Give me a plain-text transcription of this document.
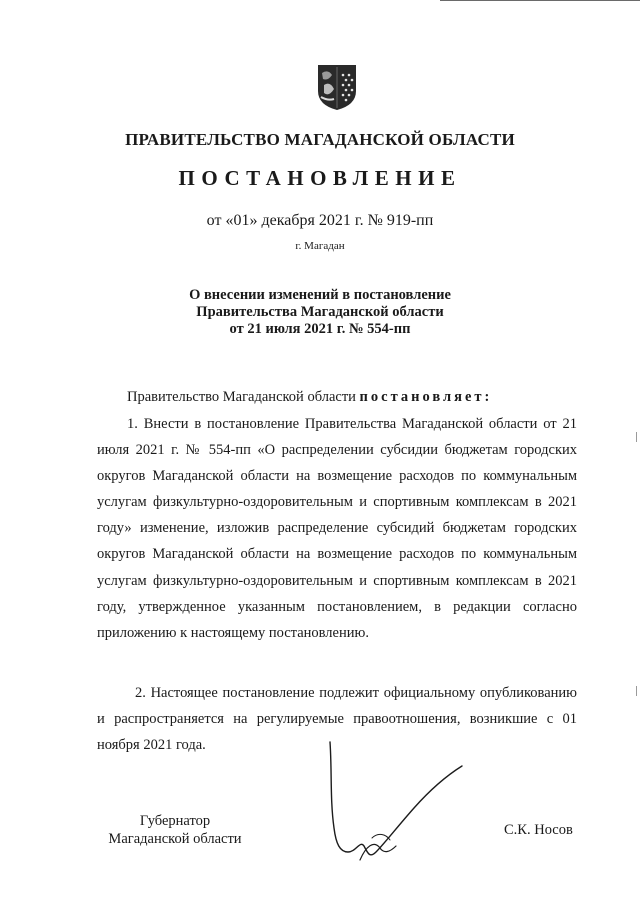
ПРАВИТЕЛЬСТВО МАГАДАНСКОЙ ОБЛАСТИ
ПОСТАНОВЛЕНИЕ
от «01» декабря 2021 г. № 919-пп
г. Магадан
О внесении изменений в постановление
Правительства Магаданской области
от 21 июля 2021 г. № 554-пп
Правительство Магаданской области постановляет:
1. Внести в постановление Правительства Магаданской области от 21 июля 2021 г. № 554-пп «О распределении субсидии бюджетам городских округов Магаданской области на возмещение расходов по коммунальным услугам физкультурно-оздоровительным и спортивным комплексам в 2021 году» изменение, изложив распределение субсидий бюджетам городских округов Магаданской области на возмещение расходов по коммунальным услугам физкультурно-оздоровительным и спортивным комплексам в 2021 году, утвержденное указанным постановлением, в редакции согласно приложению к настоящему постановлению.
2. Настоящее постановление подлежит официальному опубликованию и распространяется на регулируемые правоотношения, возникшие с 01 ноября 2021 года.
Губернатор
Магаданской области
С.К. Носов
